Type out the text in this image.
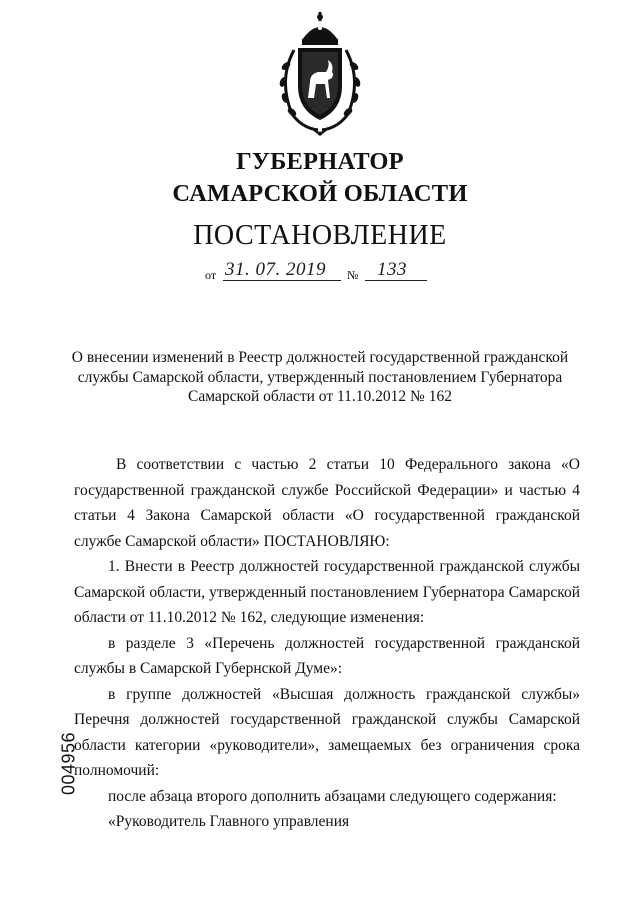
ГУБЕРНАТОР
САМАРСКОЙ ОБЛАСТИ
ПОСТАНОВЛЕНИЕ
от 31. 07. 2019 № 133
О внесении изменений в Реестр должностей государственной гражданской службы Самарской области, утвержденный постановлением Губернатора Самарской области от 11.10.2012 № 162

В соответствии с частью 2 статьи 10 Федерального закона «О государственной гражданской службе Российской Федерации» и частью 4 статьи 4 Закона Самарской области «О государственной гражданской службе Самарской области» ПОСТАНОВЛЯЮ:

1. Внести в Реестр должностей государственной гражданской службы Самарской области, утвержденный постановлением Губернатора Самарской области от 11.10.2012 № 162, следующие изменения:

в разделе 3 «Перечень должностей государственной гражданской службы в Самарской Губернской Думе»:

в группе должностей «Высшая должность гражданской службы» Перечня должностей государственной гражданской службы Самарской области категории «руководители», замещаемых без ограничения срока полномочий:

после абзаца второго дополнить абзацами следующего содержания:

«Руководитель Главного управления

004956
